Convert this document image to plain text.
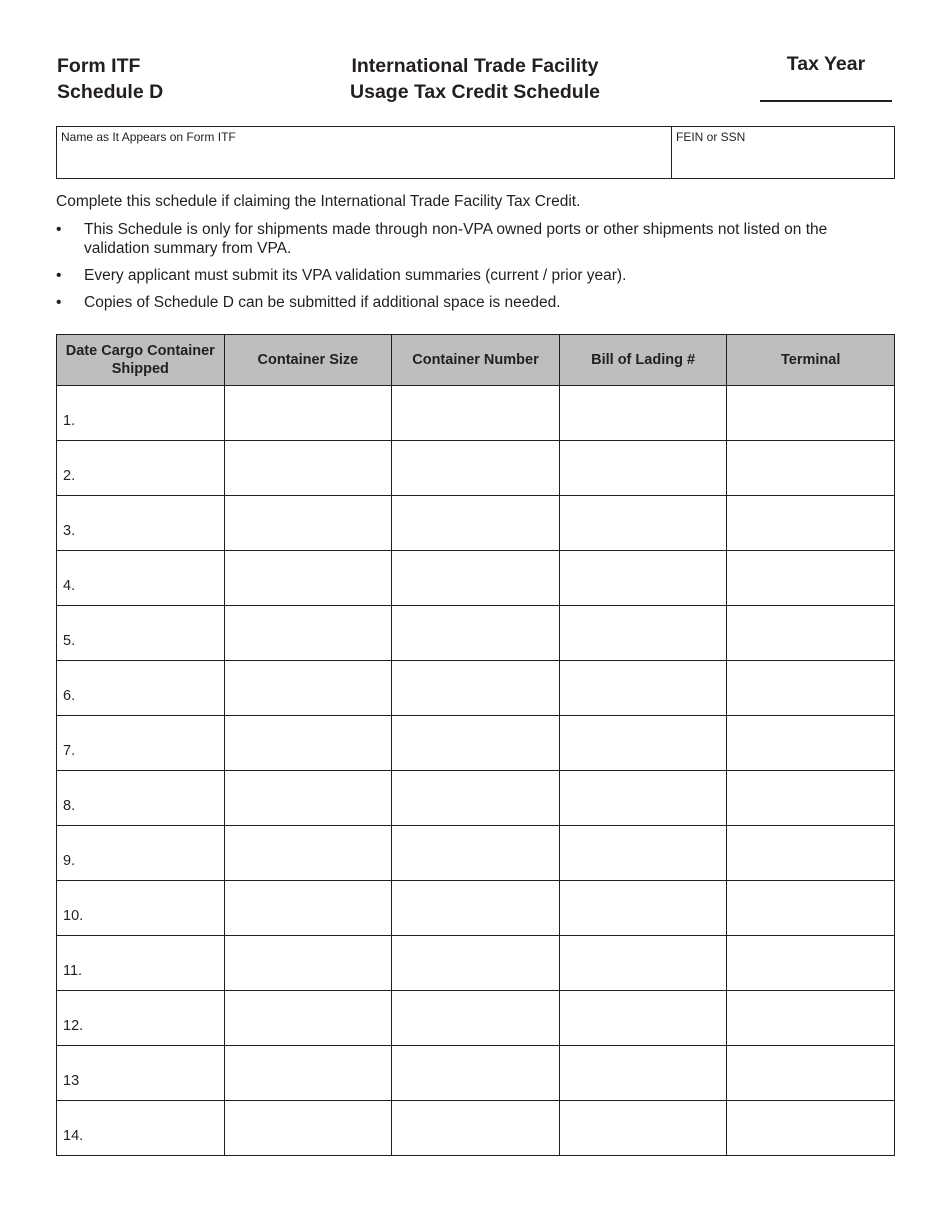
Form ITF
Schedule D
International Trade Facility
Usage Tax Credit Schedule
Tax Year
Name as It Appears on Form ITF	FEIN or SSN
Complete this schedule if claiming the International Trade Facility Tax Credit.
• This Schedule is only for shipments made through non-VPA owned ports or other shipments not listed on the validation summary from VPA.
• Every applicant must submit its VPA validation summaries (current / prior year).
• Copies of Schedule D can be submitted if additional space is needed.
Date Cargo Container Shipped	Container Size	Container Number	Bill of Lading #	Terminal
1.				
2.				
3.				
4.				
5.				
6.				
7.				
8.				
9.				
10.				
11.				
12.				
13				
14.				
